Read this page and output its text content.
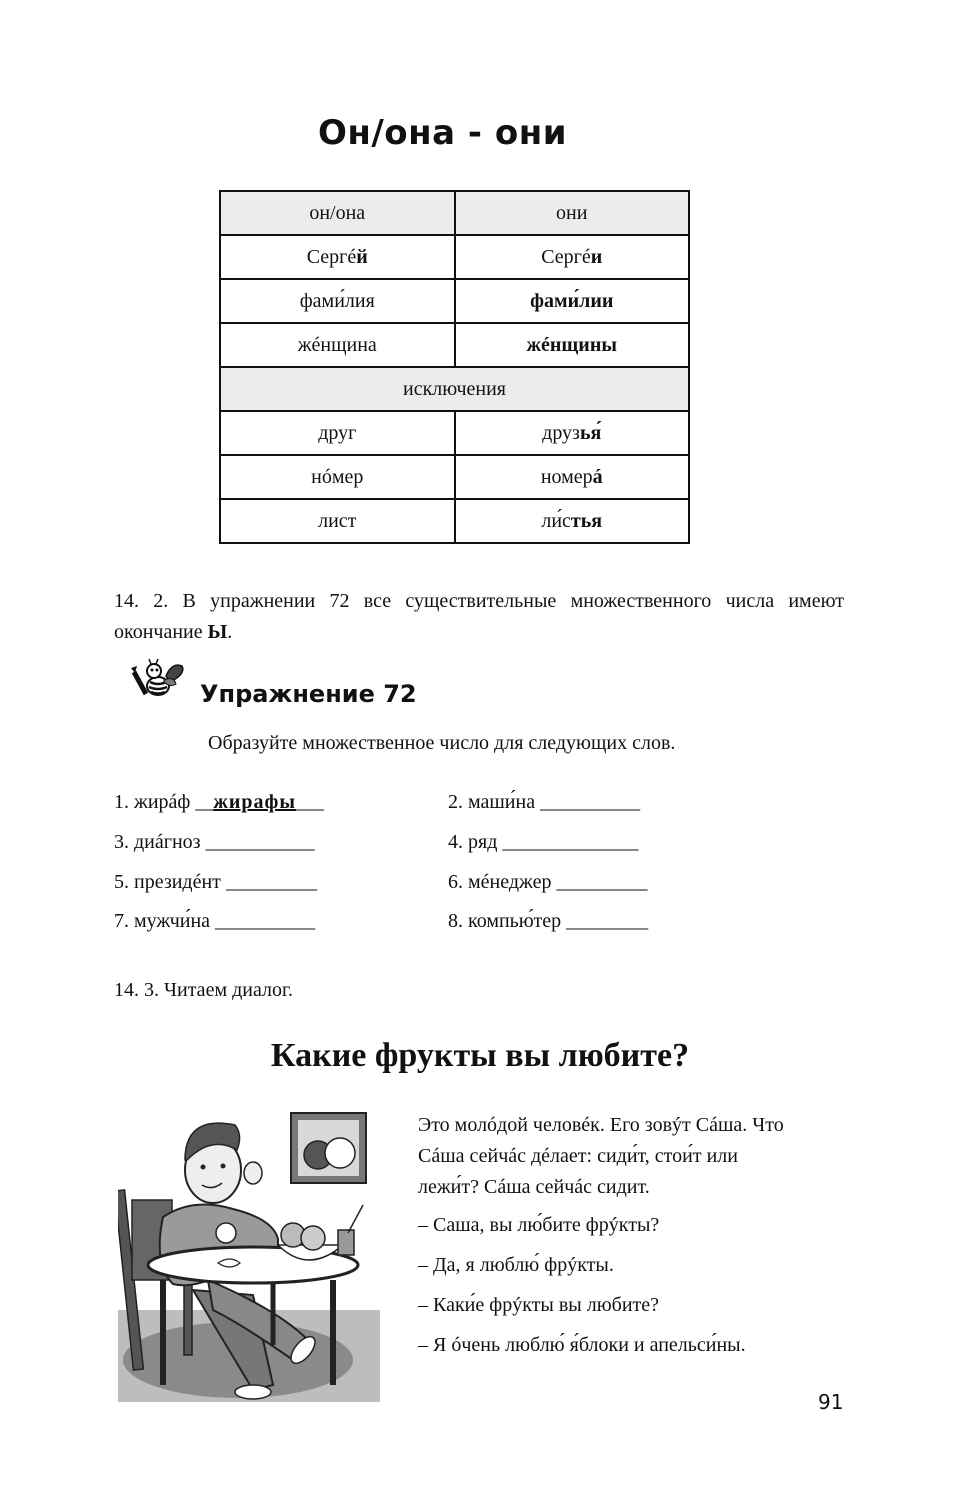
Он/она - они
он/она	они
Сергéй	Сергéи
фами́лия	фами́лии
жéнщина	жéнщины
исключения	
друг	друзья́
нóмер	номерá
лист	ли́стья
14. 2. В упражнении 72 все существительные множественного числа имеют окончание Ы.
Упражнение 72
Образуйте множественное число для следующих слов.
1. жирáф __жирафы___	2. маши́на ___________
3. диáгноз ____________	4. ряд _______________
5. президéнт __________	6. мéнеджер __________
7. мужчи́на ___________	8. компью́тер _________
14. 3. Читаем диалог.
Какие фрукты вы любите?
Это молóдой человéк. Его зовýт Сáша. Что
Сáша сейчáс дéлает: сиди́т, стои́т или
лежи́т? Сáша сейчáс сидит.
– Саша, вы лю́бите фрýкты?
– Да, я люблю́ фрýкты.
– Каки́е фрýкты вы любите?
– Я óчень люблю́ я́блоки и апельси́ны.
91
